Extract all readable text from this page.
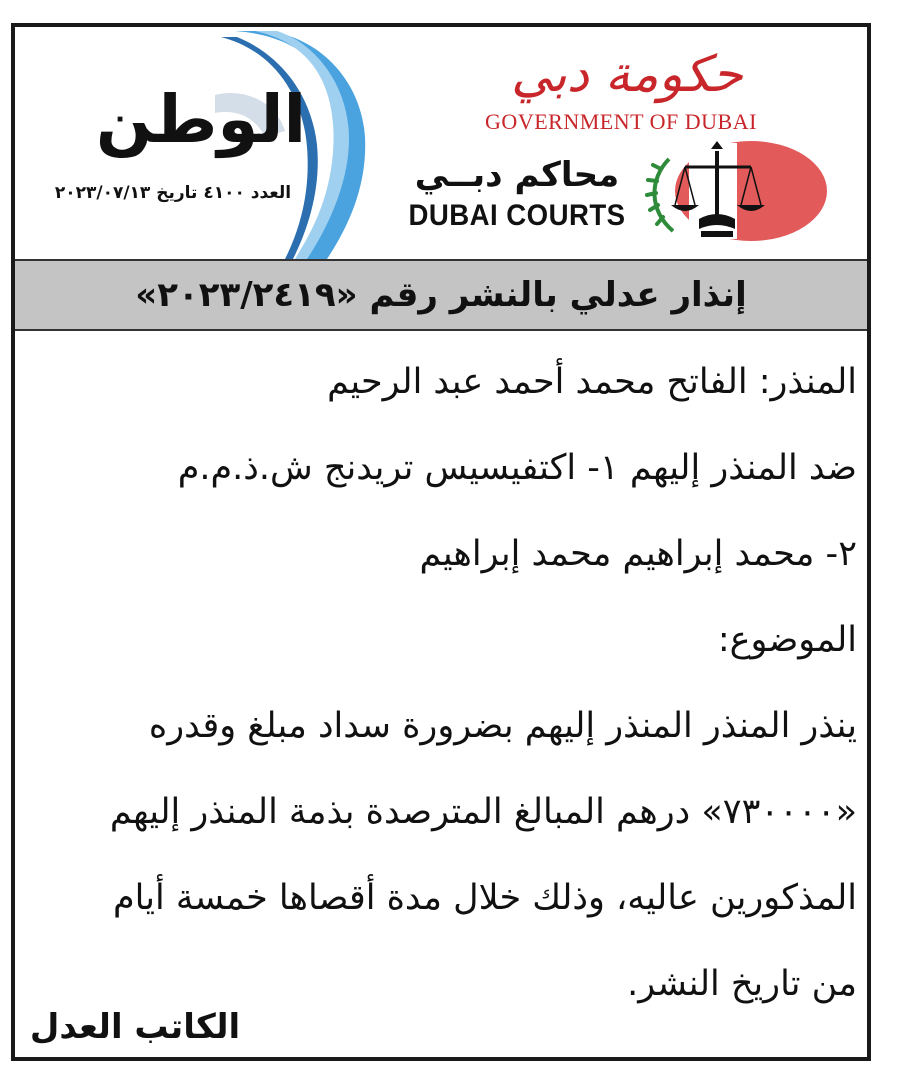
الوطن
العدد ٤١٠٠ تاريخ ٢٠٢٣/٠٧/١٣
حكومة دبي
GOVERNMENT OF DUBAI
محاكم دبــي
DUBAI COURTS
إنذار عدلي بالنشر رقم «٢٠٢٣/٢٤١٩»
المنذر: الفاتح محمد أحمد عبد الرحيم
ضد المنذر إليهم ١- اكتفيسيس تريدنج ش.ذ.م.م
٢- محمد إبراهيم محمد إبراهيم
الموضوع:
ينذر المنذر المنذر إليهم بضرورة سداد مبلغ وقدره
«٧٣٠٠٠٠» درهم المبالغ المترصدة بذمة المنذر إليهم
المذكورين عاليه، وذلك خلال مدة أقصاها خمسة أيام
من تاريخ النشر.
الكاتب العدل
